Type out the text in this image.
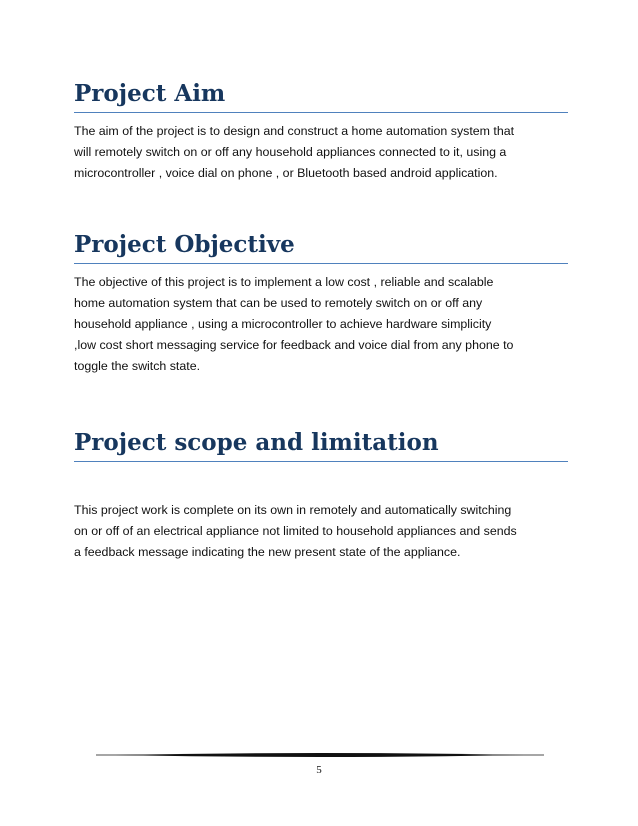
Project Aim

The aim of the project is to design and construct a home automation system that
will remotely switch on or off any household appliances connected to it, using a
microcontroller , voice dial on phone , or Bluetooth based android application.

Project Objective

The objective of this project is to implement a low cost , reliable and scalable
home automation system that can be used to remotely switch on or off any
household appliance , using a microcontroller to achieve hardware simplicity
,low cost short messaging service for feedback and voice dial from any phone to
toggle the switch state.

Project scope and limitation

This project work is complete on its own in remotely and automatically switching
on or off of an electrical appliance not limited to household appliances and sends
a feedback message indicating the new present state of the appliance.

5
